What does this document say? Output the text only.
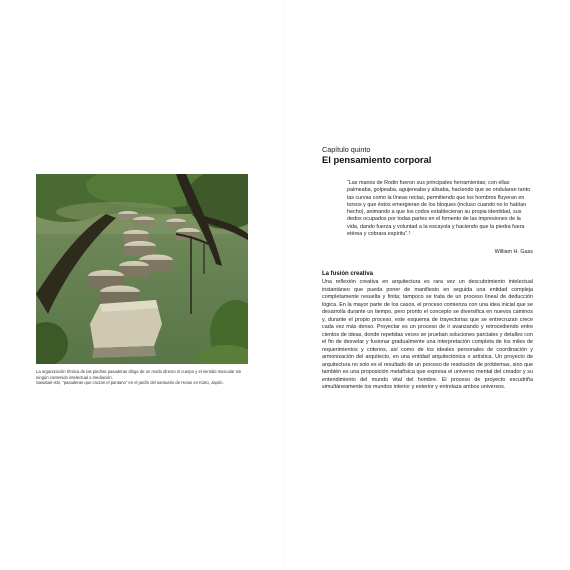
La organización rítmica de las piedras pasaderas dirige de un modo directo el cuerpo y el sentido muscular sin ningún contenido intelectual o mediación.

Sawatari-ishi, “pasaderas que cruzan el pantano” en el jardín del santuario de Heian en Kioto, Japón.

Capítulo quinto
El pensamiento corporal

“Las manos de Rodin fueron sus principales herramientas; con ellas palmeaba, golpeaba, agujereaba y alisaba, haciendo que se ondularan tanto las curvas como la líneas rectas, permitiendo que los hombros fluyeran en torsos y que éstos emergieran de los bloques (incluso cuando no lo habían hecho), animando a que los codos establecieran su propia identidad, sus dedos ocupados por todas partes en el fomento de las impresiones de la vida, dando fuerza y voluntad a la escayola y haciendo que la piedra fuera etérea y cobrara espíritu”.¹

William H. Gass
La fusión creativa

Una reflexión creativa en arquitectura es rara vez un descubrimiento intelectual instantáneo que pueda poner de manifiesto en seguida una entidad compleja completamente resuelta y finita; tampoco se trata de un proceso lineal de deducción lógica. En la mayor parte de los casos, el proceso comienza con una idea inicial que se desarrolla durante un tiempo, pero pronto el concepto se diversifica en nuevos caminos y, durante el propio proceso, este esquema de trayectorias que se entrecruzan crece cada vez más denso. Proyectar es un proceso de ir avanzando y retrocediendo entre cientos de ideas, donde repetidas veces se prueban soluciones parciales y detalles con el fin de desvelar y fusionar gradualmente una interpretación completa de los miles de requerimientos y criterios, así como de los ideales personales de coordinación y armonización del arquitecto, en una entidad arquitectónica o artística. Un proyecto de arquitectura no solo es el resultado de un proceso de resolución de problemas, sino que también es una proposición metafísica que expresa el universo mental del creador y su entendimiento del mundo vital del hombre. El proceso de proyecto escudriña simultáneamente los mundos interior y exterior y entrelaza ambos universos.
